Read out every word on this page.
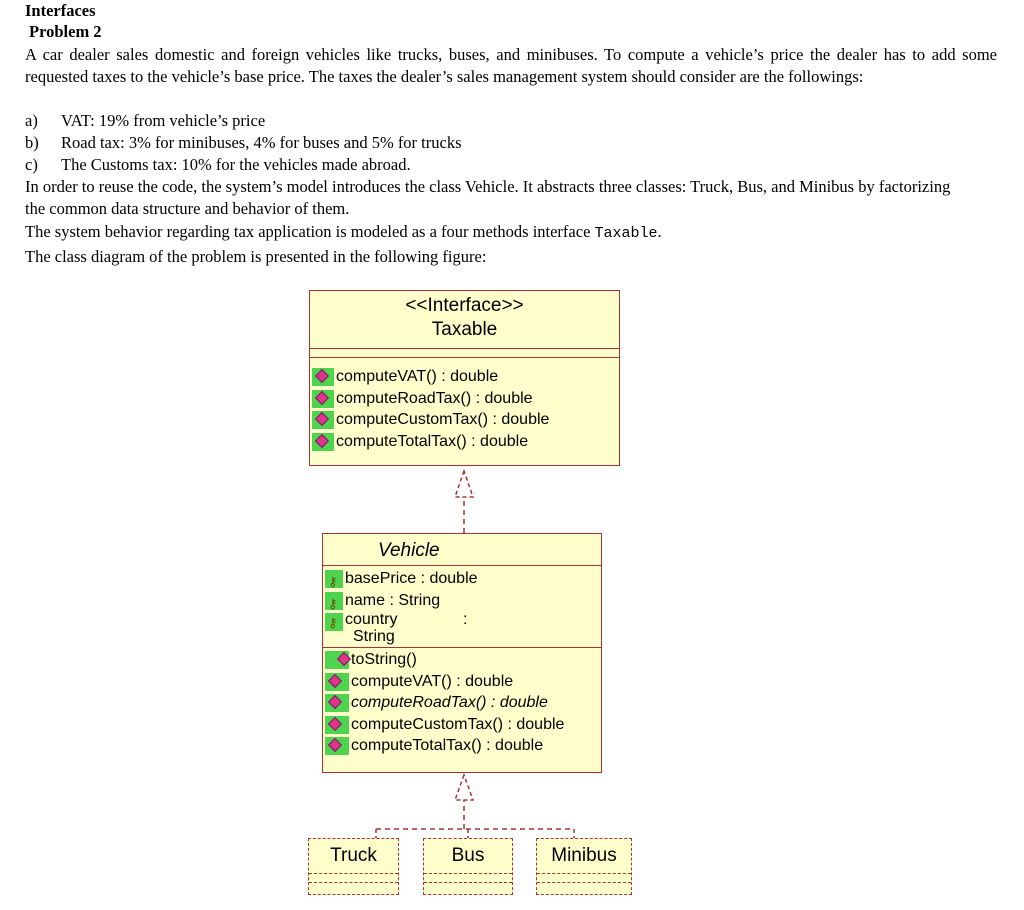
Interfaces
Problem 2
A car dealer sales domestic and foreign vehicles like trucks, buses, and minibuses. To compute a vehicle’s price the dealer has to add some requested taxes to the vehicle’s base price. The taxes the dealer’s sales management system should consider are the followings:
a) VAT: 19% from vehicle’s price
b) Road tax: 3% for minibuses, 4% for buses and 5% for trucks
c) The Customs tax: 10% for the vehicles made abroad.
In order to reuse the code, the system’s model introduces the class Vehicle. It abstracts three classes: Truck, Bus, and Minibus by factorizing the common data structure and behavior of them.
The system behavior regarding tax application is modeled as a four methods interface Taxable.
The class diagram of the problem is presented in the following figure:
<<Interface>>
Taxable
computeVAT() : double
computeRoadTax() : double
computeCustomTax() : double
computeTotalTax() : double
Vehicle
⚷ basePrice : double
⚷ name : String
⚷ country	:
String
toString()
computeVAT() : double
computeRoadTax() : double
computeCustomTax() : double
computeTotalTax() : double
Truck	Bus	Minibus
